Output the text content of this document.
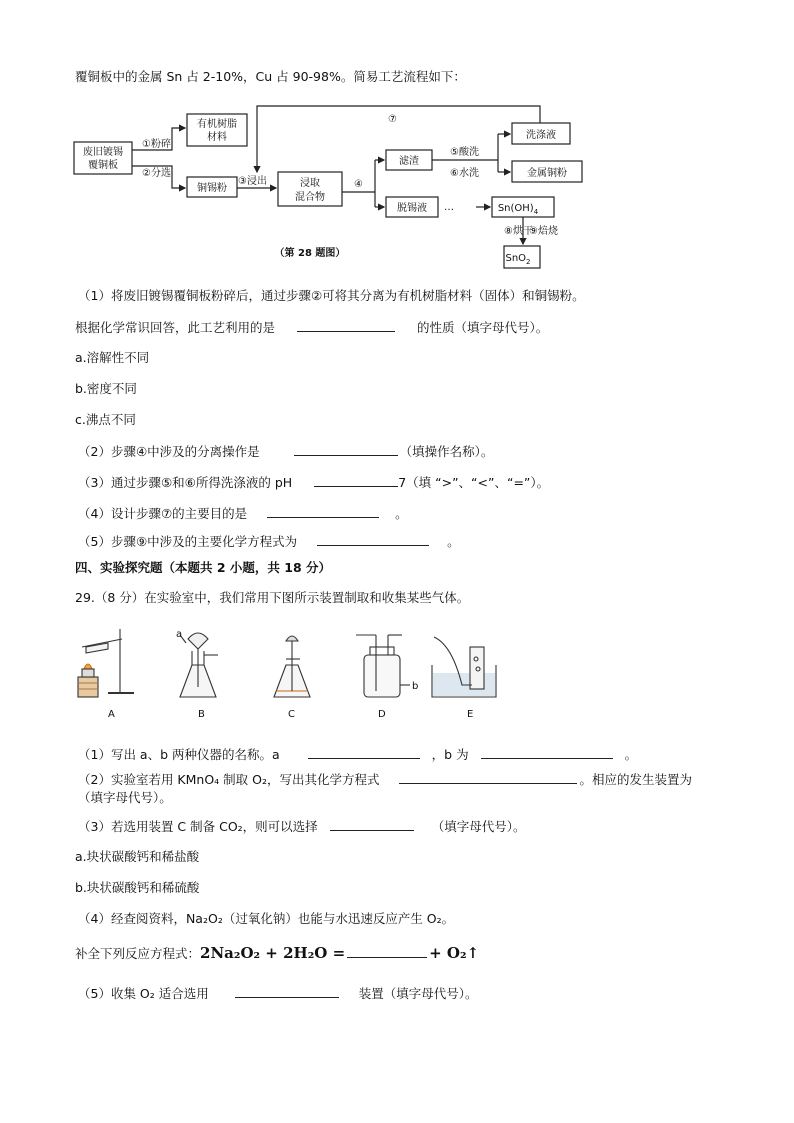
覆铜板中的金属 Sn 占 2-10%，Cu 占 90-98%。简易工艺流程如下：
废旧镀锡
覆铜板
有机树脂
材料
铜锡粉	浸取
混合物
滤渣
脱锡液
洗涤液
金属铜粉
$Sn(OH)_4$
SnO$_2$
①粉碎
②分选
③浸出	④
⑤酸洗
⑥水洗
⑦
⑧烘干
⑨焙烧
…
（第 28 题图）
（1）将废旧镀锡覆铜板粉碎后，通过步骤②可将其分离为有机树脂材料（固体）和铜锡粉。
根据化学常识回答，此工艺利用的是	的性质（填字母代号）。
a.溶解性不同
b.密度不同
c.沸点不同
（2）步骤④中涉及的分离操作是	（填操作名称）。
（3）通过步骤⑤和⑥所得洗涤液的 pH	7（填 “>”、“<”、“=”）。
（4）设计步骤⑦的主要目的是	。
（5）步骤⑨中涉及的主要化学方程式为	。
四、实验探究题（本题共 2 小题，共 18 分）
29.（8 分）在实验室中，我们常用下图所示装置制取和收集某些气体。
A	B	C	D	E
a
b
（1）写出 a、b 两种仪器的名称。a	，b 为	。
（2）实验室若用 KMnO₄ 制取 O₂，写出其化学方程式	。相应的发生装置为
（填字母代号）。
（3）若选用装置 C 制备 CO₂，则可以选择	（填字母代号）。
a.块状碳酸钙和稀盐酸
b.块状碳酸钙和稀硫酸
（4）经查阅资料，Na₂O₂（过氧化钠）也能与水迅速反应产生 O₂。
补全下列反应方程式：2Na₂O₂ + 2H₂O =	+ O₂↑
（5）收集 O₂ 适合选用	装置（填字母代号）。
